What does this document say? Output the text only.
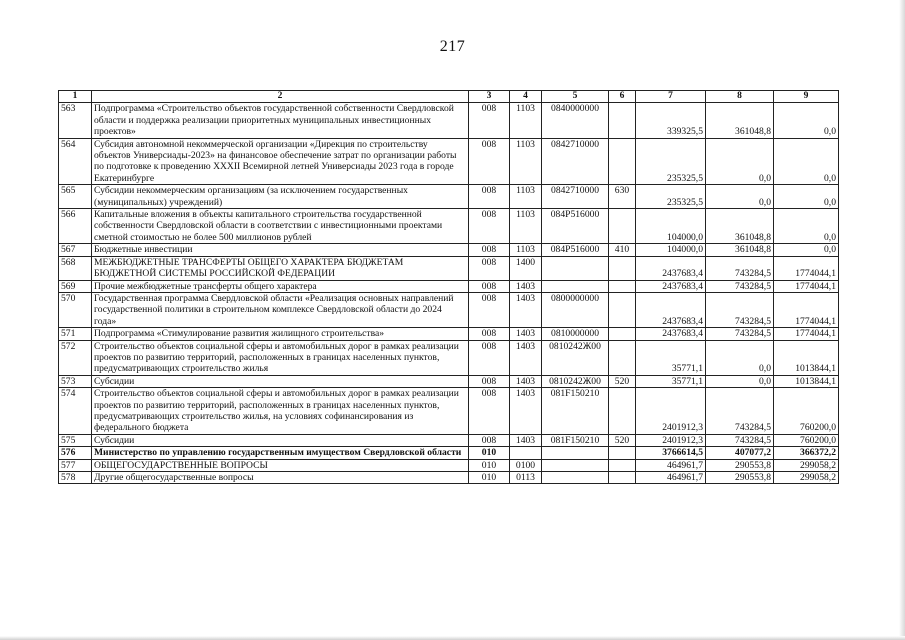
217
1	2	3	4	5	6	7	8	9
563	Подпрограмма «Строительство объектов государственной собственности Свердловской области и поддержка реализации приоритетных муниципальных инвестиционных проектов»	008	1103	0840000000		339325,5	361048,8	0,0
564	Субсидия автономной некоммерческой организации «Дирекция по строительству объектов Универсиады-2023» на финансовое обеспечение затрат по организации работы по подготовке к проведению XXXII Всемирной летней Универсиады 2023 года в городе Екатеринбурге	008	1103	0842710000		235325,5	0,0	0,0
565	Субсидии некоммерческим организациям (за исключением государственных (муниципальных) учреждений)	008	1103	0842710000	630	235325,5	0,0	0,0
566	Капитальные вложения в объекты капитального строительства государственной собственности Свердловской области в соответствии с инвестиционными проектами сметной стоимостью не более 500 миллионов рублей	008	1103	084P516000		104000,0	361048,8	0,0
567	Бюджетные инвестиции	008	1103	084P516000	410	104000,0	361048,8	0,0
568	МЕЖБЮДЖЕТНЫЕ ТРАНСФЕРТЫ ОБЩЕГО ХАРАКТЕРА БЮДЖЕТАМ БЮДЖЕТНОЙ СИСТЕМЫ РОССИЙСКОЙ ФЕДЕРАЦИИ	008	1400			2437683,4	743284,5	1774044,1
569	Прочие межбюджетные трансферты общего характера	008	1403			2437683,4	743284,5	1774044,1
570	Государственная программа Свердловской области «Реализация основных направлений государственной политики в строительном комплексе Свердловской области до 2024 года»	008	1403	0800000000		2437683,4	743284,5	1774044,1
571	Подпрограмма «Стимулирование развития жилищного строительства»	008	1403	0810000000		2437683,4	743284,5	1774044,1
572	Строительство объектов социальной сферы и автомобильных дорог в рамках реализации проектов по развитию территорий, расположенных в границах населенных пунктов, предусматривающих строительство жилья	008	1403	0810242Ж00		35771,1	0,0	1013844,1
573	Субсидии	008	1403	0810242Ж00	520	35771,1	0,0	1013844,1
574	Строительство объектов социальной сферы и автомобильных дорог в рамках реализации проектов по развитию территорий, расположенных в границах населенных пунктов, предусматривающих строительство жилья, на условиях софинансирования из федерального бюджета	008	1403	081F150210		2401912,3	743284,5	760200,0
575	Субсидии	008	1403	081F150210	520	2401912,3	743284,5	760200,0
576	Министерство по управлению государственным имуществом Свердловской области	010				3766614,5	407077,2	366372,2
577	ОБЩЕГОСУДАРСТВЕННЫЕ ВОПРОСЫ	010	0100			464961,7	290553,8	299058,2
578	Другие общегосударственные вопросы	010	0113			464961,7	290553,8	299058,2
